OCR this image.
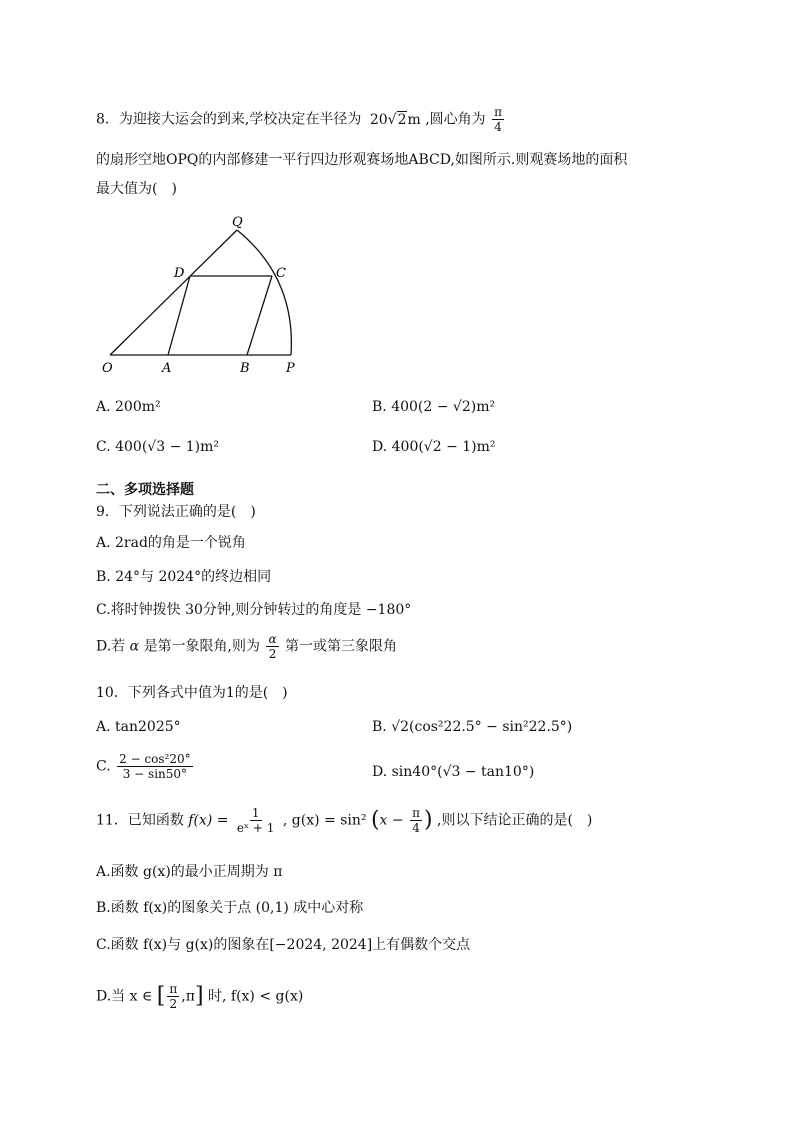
8．为迎接大运会的到来,学校决定在半径为 20√2m ,圆心角为 $\frac{\pi}{4}$
的扇形空地OPQ的内部修建一平行四边形观赛场地ABCD,如图所示.则观赛场地的面积
最大值为(　)
O	A	B	P
D	C
Q
A. 200m²	B. 400(2 − √2)m²
C. 400(√3 − 1)m²	D. 400(√2 − 1)m²
二、多项选择题
9．下列说法正确的是(　)
A. 2rad的角是一个锐角
B. 24°与 2024°的终边相同
C.将时钟拨快 30分钟,则分钟转过的角度是 −180°
D.若 α 是第一象限角,则为 $\frac{\alpha}{2}$ 第一或第三象限角
10．下列各式中值为1的是(　)
A. tan2025°	B. √2(cos²22.5° − sin²22.5°)
C. $\frac{\text{2 − cos²20°}}{3 - \sin 50^\circ}$	D. sin40°(√3 − tan10°)
11．已知函数 $f(x) = \frac{1}{\text{eˣ + 1}}$ , g(x) = sin² ($x - \frac{\pi}{4}$ ) ,则以下结论正确的是(　)
A.函数 g(x)的最小正周期为 π
B.函数 f(x)的图象关于点 (0,1) 成中心对称
C.函数 f(x)与 g(x)的图象在[−2024, 2024]上有偶数个交点
D.当 x ∈ [ $\frac{\pi}{2} ,\pi$] 时, f(x) < g(x)
